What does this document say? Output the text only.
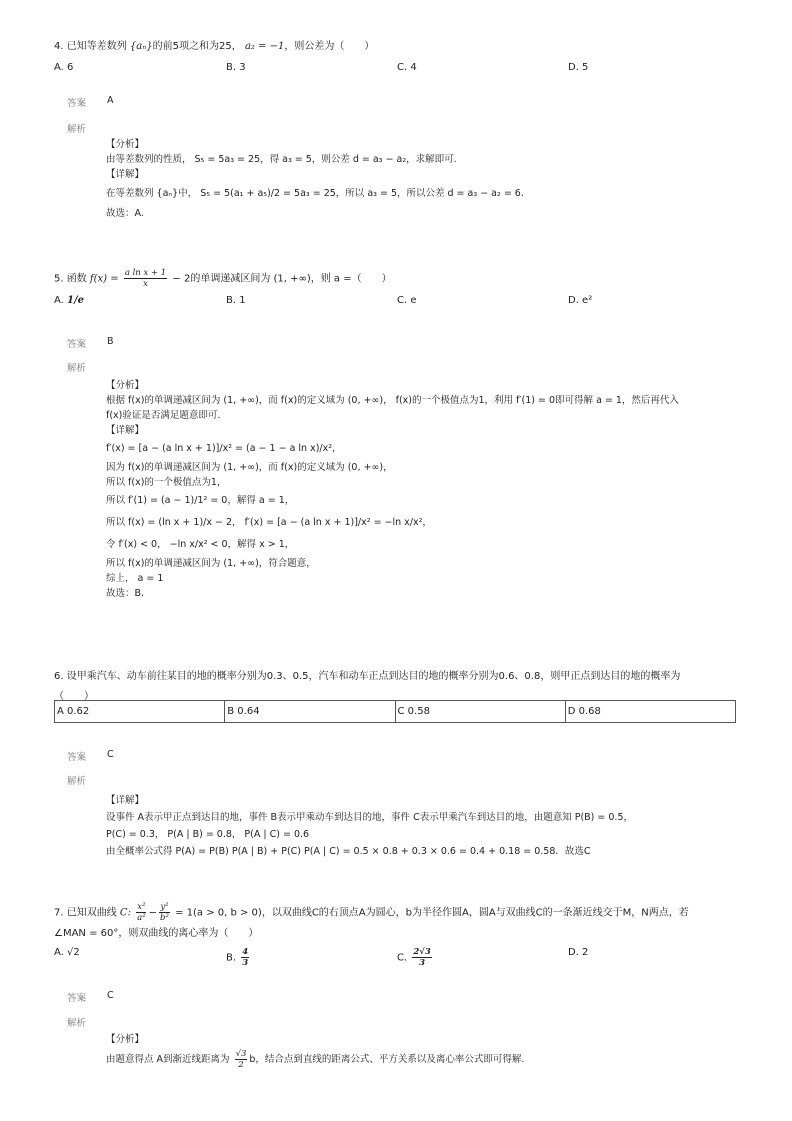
4. 已知等差数列 {aₙ}的前5项之和为25， a₂ = −1，则公差为（　　）
A. 6	B. 3	C. 4	D. 5
答案 A
解析
【分析】
由等差数列的性质， S₅ = 5a₃ = 25，得 a₃ = 5，则公差 d = a₃ − a₂，求解即可.
【详解】
在等差数列 {aₙ}中， S₅ = 5(a₁ + a₅)/2 = 5a₃ = 25，所以 a₃ = 5，所以公差 d = a₃ − a₂ = 6.
故选：A.
5. 函数 $f(x) = \frac{\text{a ln x + 1}}{x} - 2$的单调递减区间为 (1, +∞)，则 a =（　　）
A. 1/e	B. 1	C. e	D. e²
答案 B
解析
【分析】
根据 f(x)的单调递减区间为 (1, +∞)，而 f(x)的定义域为 (0, +∞)， f(x)的一个极值点为1，利用 f′(1) = 0即可得解 a = 1，然后再代入
f(x)验证是否满足题意即可.
【详解】
f′(x) = [a − (a ln x + 1)]/x² = (a − 1 − a ln x)/x²，
因为 f(x)的单调递减区间为 (1, +∞)，而 f(x)的定义域为 (0, +∞)，
所以 f(x)的一个极值点为1，
所以 f′(1) = (a − 1)/1² = 0，解得 a = 1，
所以 f(x) = (ln x + 1)/x − 2， f′(x) = [a − (a ln x + 1)]/x² = −ln x/x²，
令 f′(x) < 0， −ln x/x² < 0，解得 x > 1，
所以 f(x)的单调递减区间为 (1, +∞)，符合题意，
综上， a = 1
故选：B.
6. 设甲乘汽车、动车前往某目的地的概率分别为0.3、0.5，汽车和动车正点到达目的地的概率分别为0.6、0.8，则甲正点到达目的地的概率为
（　　）
A 0.62	B 0.64	C 0.58	D 0.68
答案 C
解析
【详解】
设事件 A表示甲正点到达目的地，事件 B表示甲乘动车到达目的地，事件 C表示甲乘汽车到达目的地，由题意知 P(B) = 0.5，
P(C) = 0.3， P(A | B) = 0.8， P(A | C) = 0.6
由全概率公式得 P(A) = P(B) P(A | B) + P(C) P(A | C) = 0.5 × 0.8 + 0.3 × 0.6 = 0.4 + 0.18 = 0.58．故选C
7. 已知双曲线 C: $\frac{\text{x²}}{\text{a²}} - \frac{\text{y²}}{\text{b²}} = 1(a > 0$, b > 0)，以双曲线C的右顶点A为圆心，b为半径作圆A，圆A与双曲线C的一条渐近线交于M，N两点，若
∠MAN = 60°，则双曲线的离心率为（　　）
A. √2	B. $\frac{4}{3}$	C. $\frac{2√3}{3}$	D. 2
答案 C
解析
【分析】
由题意得点 A到渐近线距离为 $\frac{√3}{2}$ b，结合点到直线的距离公式、平方关系以及离心率公式即可得解.
